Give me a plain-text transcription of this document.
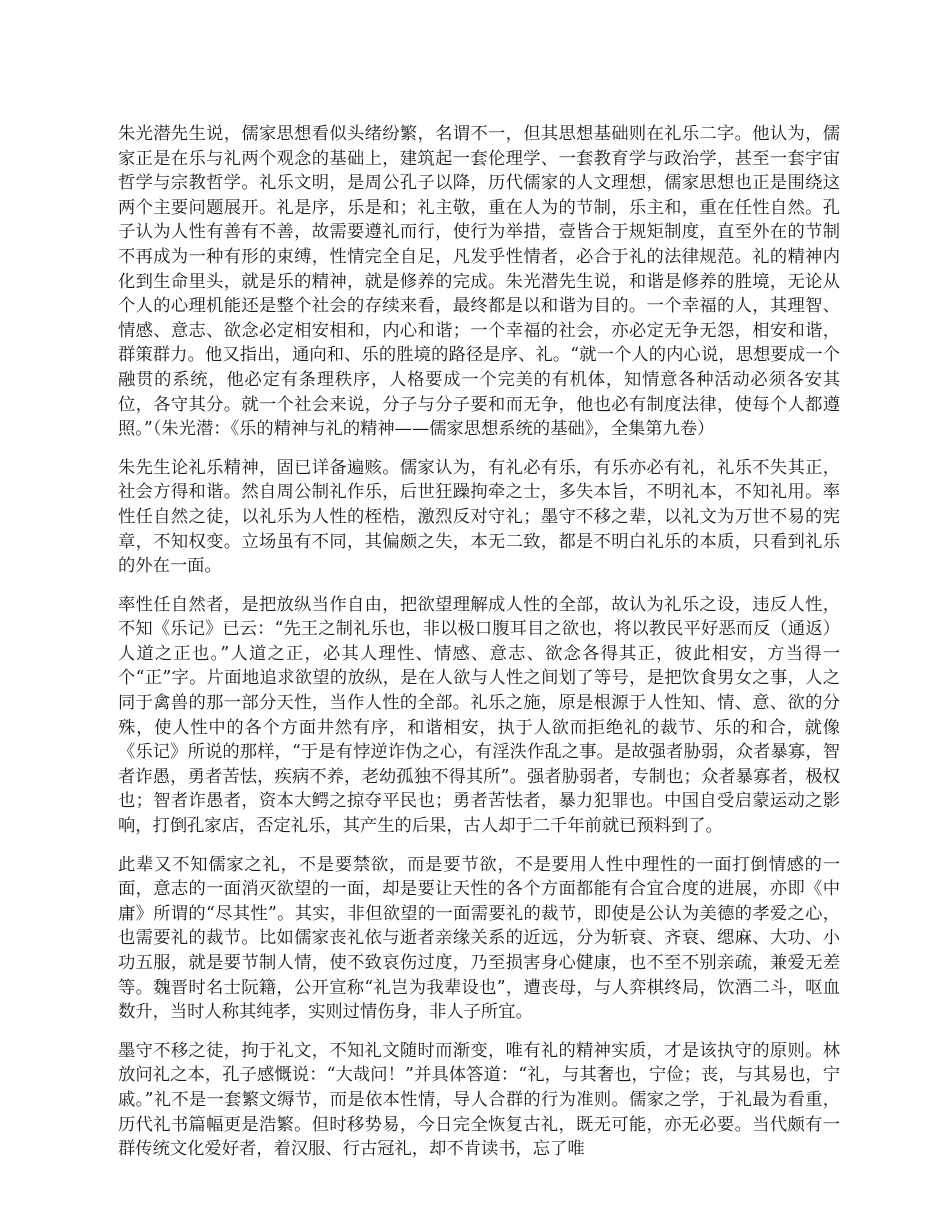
朱光潜先生说，儒家思想看似头绪纷繁，名谓不一，但其思想基础则在礼乐二字。他认为，儒家正是在乐与礼两个观念的基础上，建筑起一套伦理学、一套教育学与政治学，甚至一套宇宙哲学与宗教哲学。礼乐文明，是周公孔子以降，历代儒家的人文理想，儒家思想也正是围绕这两个主要问题展开。礼是序，乐是和；礼主敬，重在人为的节制，乐主和，重在任性自然。孔子认为人性有善有不善，故需要遵礼而行，使行为举措，壹皆合于规矩制度，直至外在的节制不再成为一种有形的束缚，性情完全自足，凡发乎性情者，必合于礼的法律规范。礼的精神内化到生命里头，就是乐的精神，就是修养的完成。朱光潜先生说，和谐是修养的胜境，无论从个人的心理机能还是整个社会的存续来看，最终都是以和谐为目的。一个幸福的人，其理智、情感、意志、欲念必定相安相和，内心和谐；一个幸福的社会，亦必定无争无怨，相安和谐，群策群力。他又指出，通向和、乐的胜境的路径是序、礼。“就一个人的内心说，思想要成一个融贯的系统，他必定有条理秩序，人格要成一个完美的有机体，知情意各种活动必须各安其位，各守其分。就一个社会来说，分子与分子要和而无争，他也必有制度法律，使每个人都遵照。”（朱光潜：《乐的精神与礼的精神——儒家思想系统的基础》，全集第九卷）

朱先生论礼乐精神，固已详备遍赅。儒家认为，有礼必有乐，有乐亦必有礼，礼乐不失其正，社会方得和谐。然自周公制礼作乐，后世狂躁拘牵之士，多失本旨，不明礼本，不知礼用。率性任自然之徒，以礼乐为人性的桎梏，激烈反对守礼；墨守不移之辈，以礼文为万世不易的宪章，不知权变。立场虽有不同，其偏颇之失，本无二致，都是不明白礼乐的本质，只看到礼乐的外在一面。

率性任自然者，是把放纵当作自由，把欲望理解成人性的全部，故认为礼乐之设，违反人性，不知《乐记》已云：“先王之制礼乐也，非以极口腹耳目之欲也，将以教民平好恶而反（通返）人道之正也。”人道之正，必其人理性、情感、意志、欲念各得其正，彼此相安，方当得一个“正”字。片面地追求欲望的放纵，是在人欲与人性之间划了等号，是把饮食男女之事，人之同于禽兽的那一部分天性，当作人性的全部。礼乐之施，原是根源于人性知、情、意、欲的分殊，使人性中的各个方面井然有序，和谐相安，执于人欲而拒绝礼的裁节、乐的和合，就像《乐记》所说的那样，“于是有悖逆诈伪之心，有淫泆作乱之事。是故强者胁弱，众者暴寡，智者诈愚，勇者苦怯，疾病不养，老幼孤独不得其所”。强者胁弱者，专制也；众者暴寡者，极权也；智者诈愚者，资本大鳄之掠夺平民也；勇者苦怯者，暴力犯罪也。中国自受启蒙运动之影响，打倒孔家店，否定礼乐，其产生的后果，古人却于二千年前就已预料到了。

此辈又不知儒家之礼，不是要禁欲，而是要节欲，不是要用人性中理性的一面打倒情感的一面，意志的一面消灭欲望的一面，却是要让天性的各个方面都能有合宜合度的进展，亦即《中庸》所谓的“尽其性”。其实，非但欲望的一面需要礼的裁节，即使是公认为美德的孝爱之心，也需要礼的裁节。比如儒家丧礼依与逝者亲缘关系的近远，分为斩衰、齐衰、缌麻、大功、小功五服，就是要节制人情，使不致哀伤过度，乃至损害身心健康，也不至不别亲疏，兼爱无差等。魏晋时名士阮籍，公开宣称“礼岂为我辈设也”，遭丧母，与人弈棋终局，饮酒二斗，呕血数升，当时人称其纯孝，实则过情伤身，非人子所宜。

墨守不移之徒，拘于礼文，不知礼文随时而渐变，唯有礼的精神实质，才是该执守的原则。林放问礼之本，孔子感慨说：“大哉问！”并具体答道：“礼，与其奢也，宁俭；丧，与其易也，宁戚。”礼不是一套繁文缛节，而是依本性情，导人合群的行为准则。儒家之学，于礼最为看重，历代礼书篇幅更是浩繁。但时移势易，今日完全恢复古礼，既无可能，亦无必要。当代颇有一群传统文化爱好者，着汉服、行古冠礼，却不肯读书，忘了唯
